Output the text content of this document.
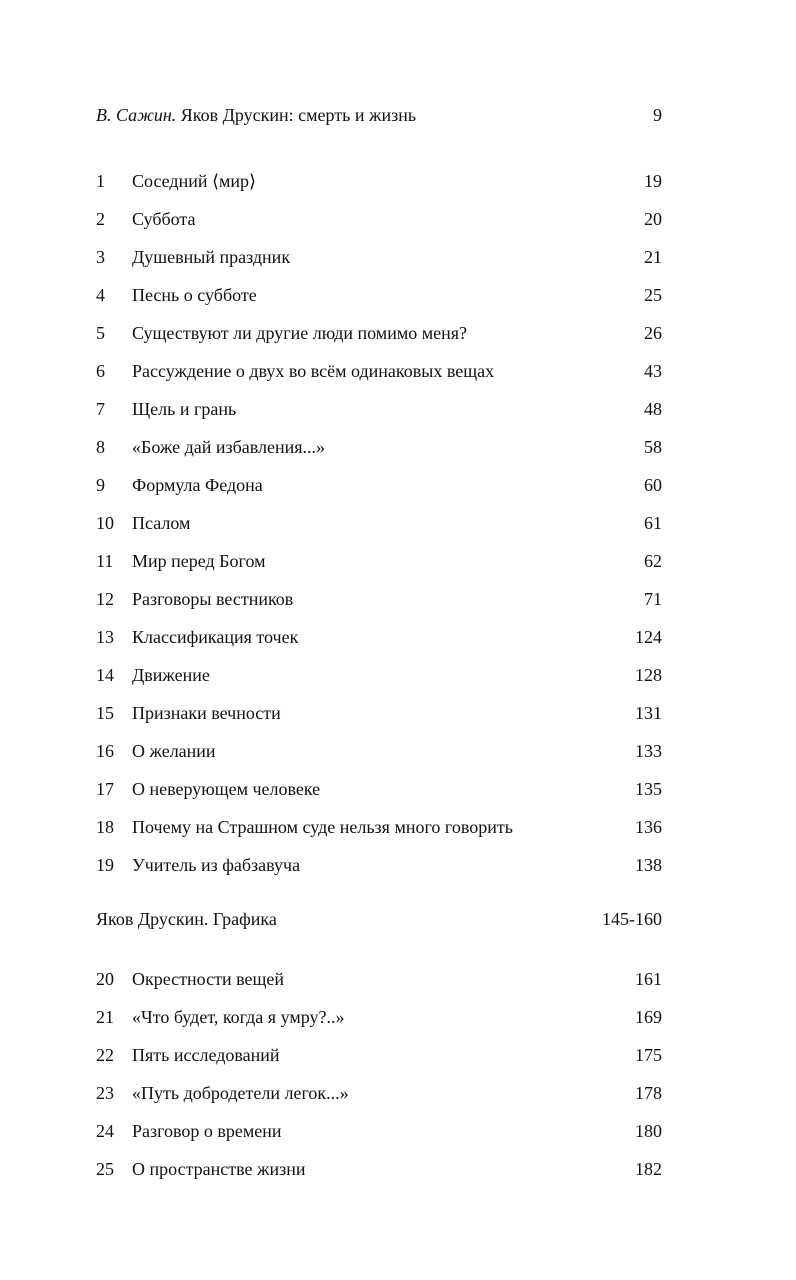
В. Сажин. Яков Друскин: смерть и жизнь	9
1	Соседний ⟨мир⟩	19
2	Суббота	20
3	Душевный праздник	21
4	Песнь о субботе	25
5	Существуют ли другие люди помимо меня?	26
6	Рассуждение о двух во всём одинаковых вещах	43
7	Щель и грань	48
8	«Боже дай избавления...»	58
9	Формула Федона	60
10	Псалом	61
11	Мир перед Богом	62
12	Разговоры вестников	71
13	Классификация точек	124
14	Движение	128
15	Признаки вечности	131
16	О желании	133
17	О неверующем человеке	135
18	Почему на Страшном суде нельзя много говорить	136
19	Учитель из фабзавуча	138
Яков Друскин. Графика	145-160
20	Окрестности вещей	161
21	«Что будет, когда я умру?..»	169
22	Пять исследований	175
23	«Путь добродетели легок...»	178
24	Разговор о времени	180
25	О пространстве жизни	182
